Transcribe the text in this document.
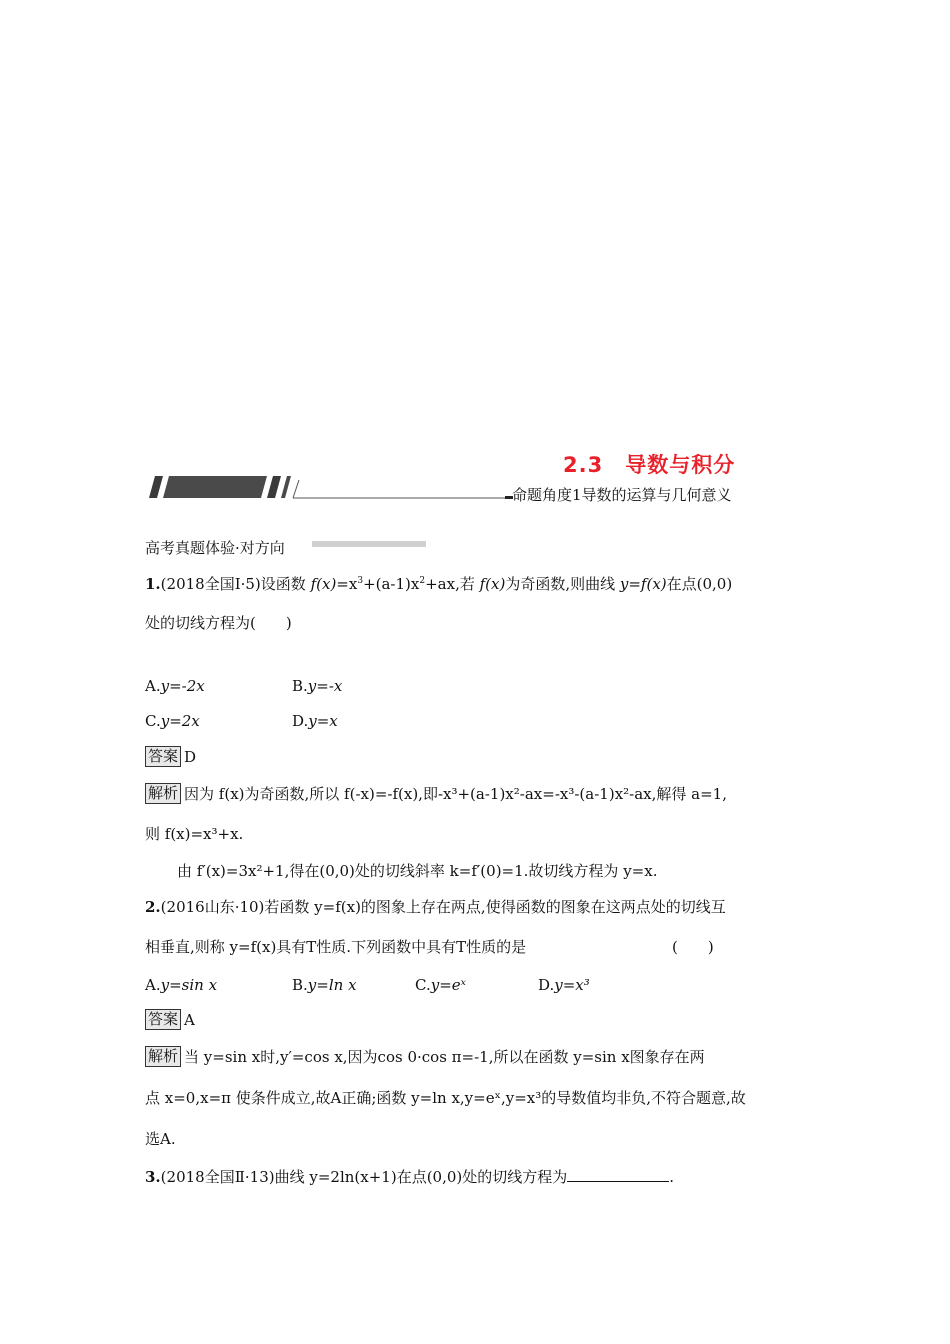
2.3 导数与积分
命题角度1导数的运算与几何意义
高考真题体验·对方向
1.(2018全国Ⅰ·5)设函数 $f(x)=x^3+(a-1)x^2+ax$,若 f(x)为奇函数,则曲线 y=f(x)在点(0,0)
处的切线方程为(　　)
A.y=-2x	B.y=-x
C.y=2x	D.y=x
答案 D
解析 因为 f(x)为奇函数,所以 f(-x)=-f(x),即-x³+(a-1)x²-ax=-x³-(a-1)x²-ax,解得 a=1,
则 f(x)=x³+x.
由 f′(x)=3x²+1,得在(0,0)处的切线斜率 k=f′(0)=1.故切线方程为 y=x.
2.(2016山东·10)若函数 y=f(x)的图象上存在两点,使得函数的图象在这两点处的切线互
相垂直,则称 y=f(x)具有T性质.下列函数中具有T性质的是	(　　)
A.y=sin x	B.y=ln x	C.y=eˣ	D.y=x³
答案 A
解析 当 y=sin x时,y′=cos x,因为cos 0·cos π=-1,所以在函数 y=sin x图象存在两
点 x=0,x=π 使条件成立,故A正确;函数 y=ln x,y=eˣ,y=x³的导数值均非负,不符合题意,故
选A.
3.(2018全国Ⅱ·13)曲线 y=2ln(x+1)在点(0,0)处的切线方程为	.
